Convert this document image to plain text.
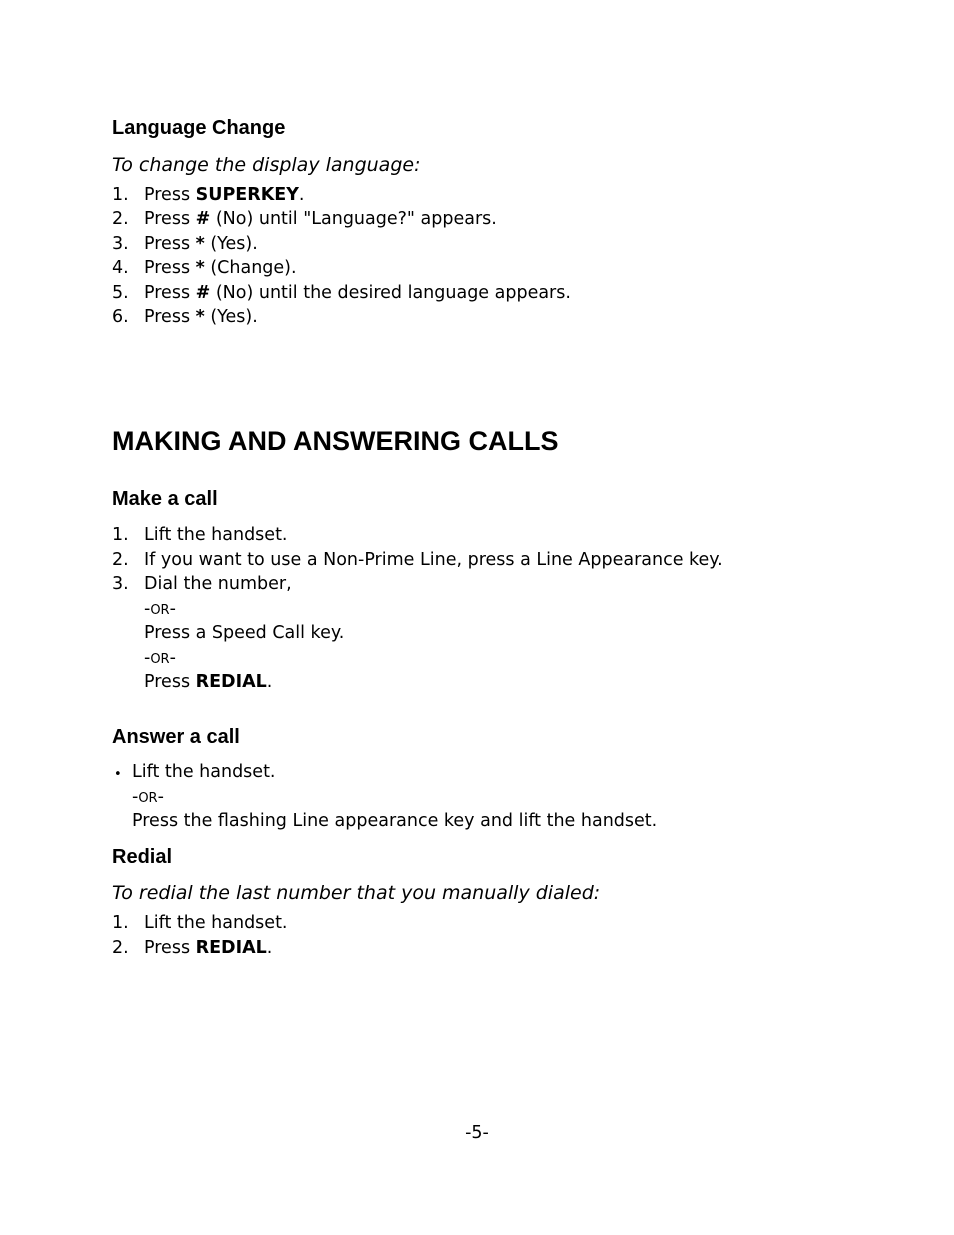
Language Change

To change the display language:

1. Press SUPERKEY.
2. Press # (No) until "Language?" appears.
3. Press * (Yes).
4. Press * (Change).
5. Press # (No) until the desired language appears.
6. Press * (Yes).
MAKING AND ANSWERING CALLS
Make a call
1. Lift the handset.
2. If you want to use a Non-Prime Line, press a Line Appearance key.
3. Dial the number,
-OR-
Press a Speed Call key.
-OR-
Press REDIAL.
Answer a call
• Lift the handset.
-OR-
Press the flashing Line appearance key and lift the handset.
Redial

To redial the last number that you manually dialed:

1. Lift the handset.
2. Press REDIAL.
-5-
